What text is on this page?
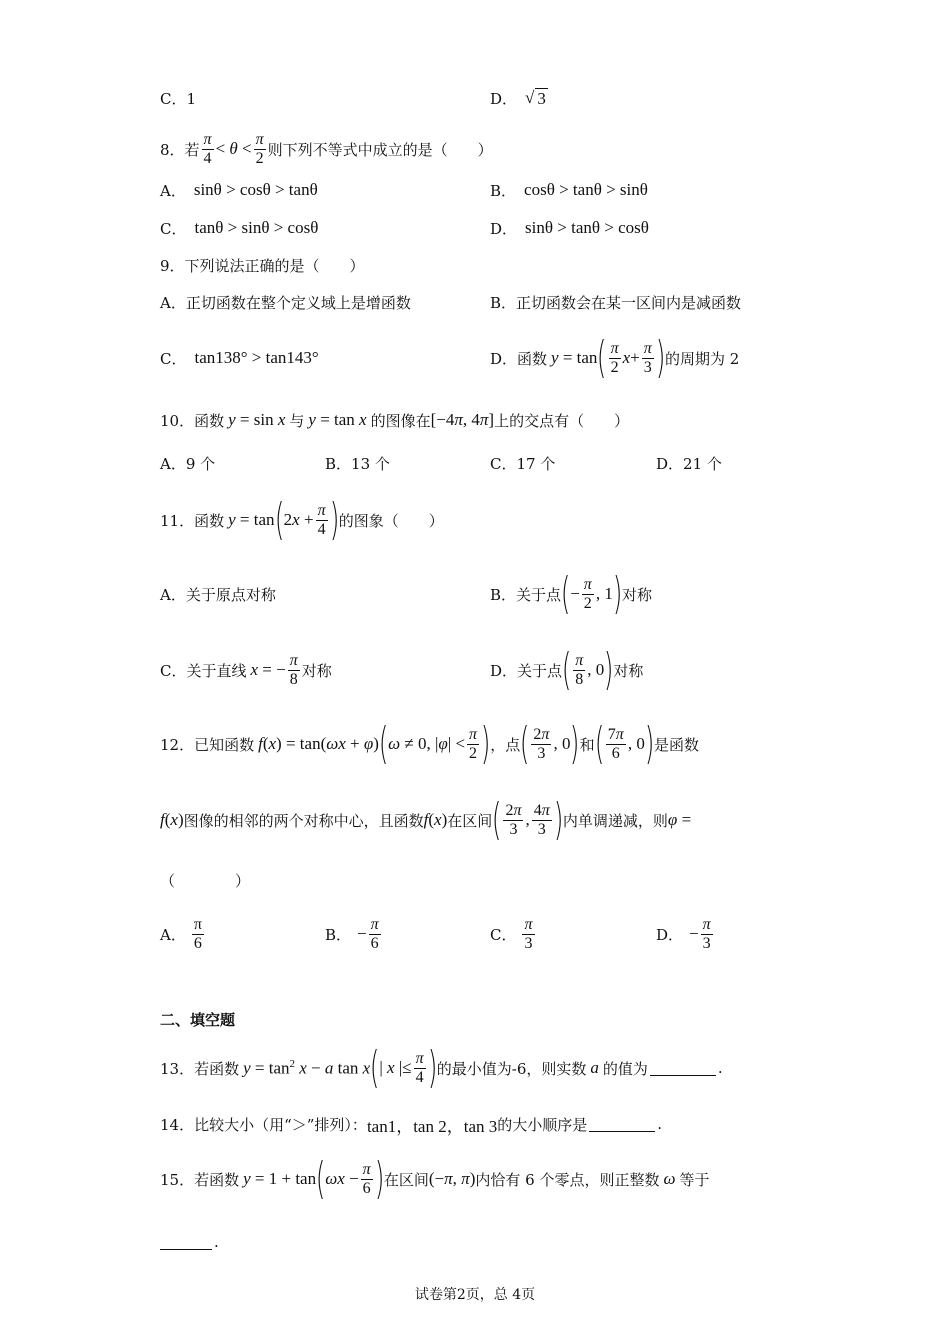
C．1	D． √ 3
8．若 $\frac{\pi}{4} < \theta < \frac{\pi}{2}$ 则下列不等式中成立的是（　　）
A． sinθ > cosθ > tanθ	B． cosθ > tanθ > sinθ
C． tanθ > sinθ > cosθ	D． sinθ > tanθ > cosθ
9．下列说法正确的是（　　）
A．正切函数在整个定义域上是增函数	B．正切函数会在某一区间内是减函数
C． tan138° > tan143°	D．函数 y = tan ( $\frac{\pi}{2}$ $x + \frac{\pi}{3}$ ) 的周期为 2
10．函数 y = sin x 与 y = tan x 的图像在 [−4π, 4π] 上的交点有（　　）
A．9 个	B．13 个	C．17 个	D．21 个
11．函数 y = tan ( $2x + \frac{\pi}{4}$ ) 的图象（　　）
A．关于原点对称	B．关于点 ( − $\frac{\pi}{2}$ , 1 ) 对称
C．关于直线 x = − $\frac{\pi}{8}$ 对称	D．关于点 ( $\frac{\pi}{8}$ , 0 ) 对称
12．已知函数 f(x) = tan(ωx + φ) ( ω ≠ 0, $|\varphi| < \frac{\pi}{2}$ ) ，点 ( $\frac{2\pi}{3}$ , 0 ) 和 ( $\frac{7\pi}{6}$ , 0 ) 是函数
f(x) 图像的相邻的两个对称中心，且函数 f(x) 在区间 ( $\frac{2\pi}{3}$ , $\frac{4\pi}{3}$ ) 内单调递减，则 φ =
（　　　　）
A． $\frac{\pi}{6}$	B． − $\frac{\pi}{6}$	C． $\frac{\pi}{3}$	D． − $\frac{\pi}{3}$
二、填空题
13．若函数 $y = \tan^2 x - a$ tan x ( | x |≤ $\frac{\pi}{4}$ ) 的最小值为-6，则实数 a 的值为	.
14．比较大小（用“＞”排列）： tan1，tan 2，tan 3 的大小顺序是	.
15．若函数 y = 1 + tan ( $\omega x - \frac{\pi}{6}$ ) 在区间 (−π, π) 内恰有 6 个零点，则正整数 ω 等于
.
试卷第2页，总 4页
